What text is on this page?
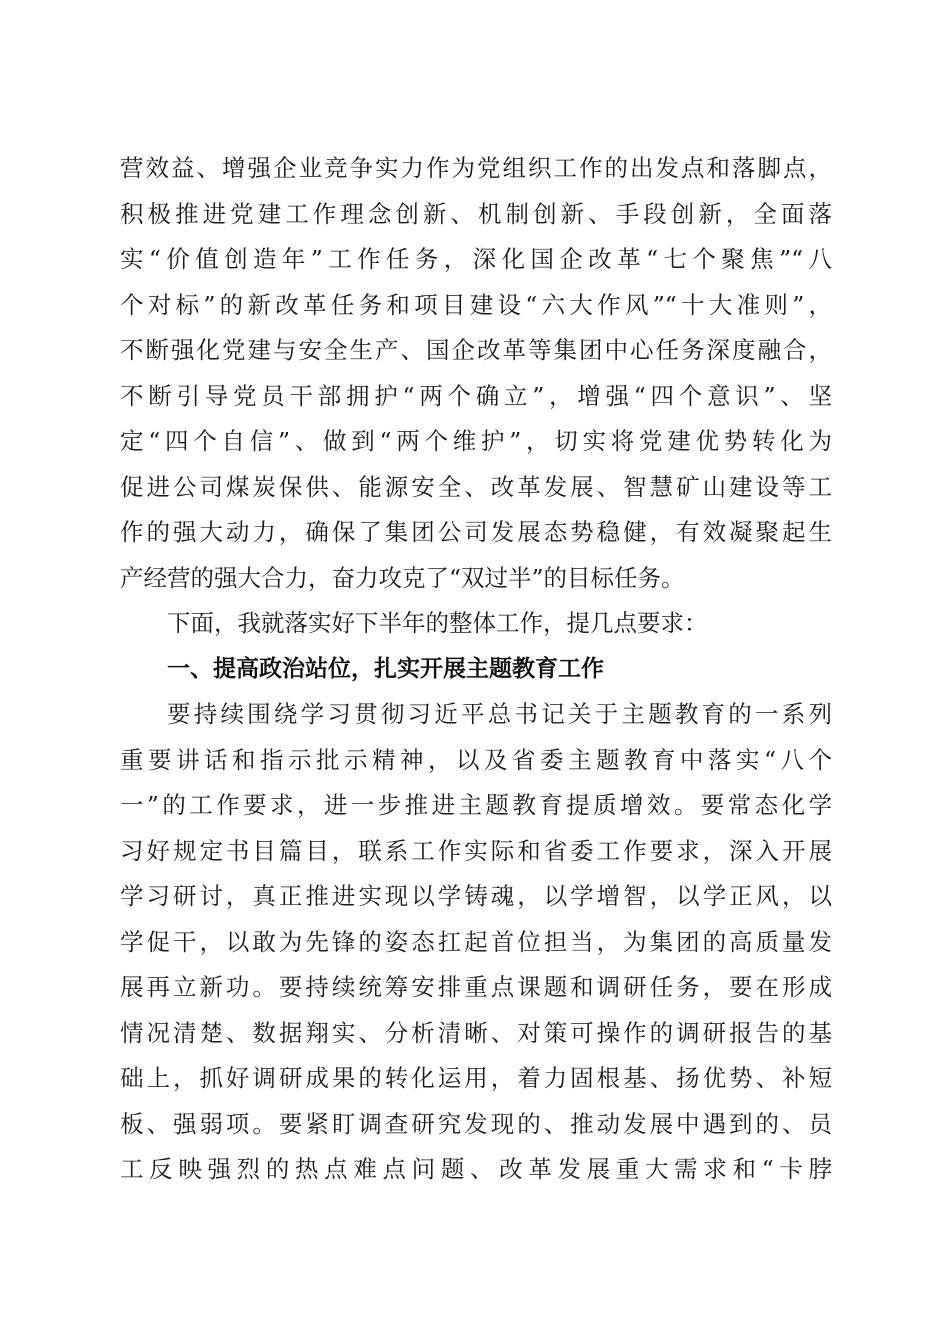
营效益、增强企业竞争实力作为党组织工作的出发点和落脚点，
积极推进党建工作理念创新、机制创新、手段创新，全面落
实“价值创造年”工作任务，深化国企改革“七个聚焦”“八
个对标”的新改革任务和项目建设“六大作风”“十大准则”，
不断强化党建与安全生产、国企改革等集团中心任务深度融合，
不断引导党员干部拥护“两个确立”，增强“四个意识”、坚
定“四个自信”、做到“两个维护”，切实将党建优势转化为
促进公司煤炭保供、能源安全、改革发展、智慧矿山建设等工
作的强大动力，确保了集团公司发展态势稳健，有效凝聚起生
产经营的强大合力，奋力攻克了“双过半”的目标任务。
下面，我就落实好下半年的整体工作，提几点要求：
一、提高政治站位，扎实开展主题教育工作
要持续围绕学习贯彻习近平总书记关于主题教育的一系列
重要讲话和指示批示精神，以及省委主题教育中落实“八个
一”的工作要求，进一步推进主题教育提质增效。要常态化学
习好规定书目篇目，联系工作实际和省委工作要求，深入开展
学习研讨，真正推进实现以学铸魂，以学增智，以学正风，以
学促干，以敢为先锋的姿态扛起首位担当，为集团的高质量发
展再立新功。要持续统筹安排重点课题和调研任务，要在形成
情况清楚、数据翔实、分析清晰、对策可操作的调研报告的基
础上，抓好调研成果的转化运用，着力固根基、扬优势、补短
板、强弱项。要紧盯调查研究发现的、推动发展中遇到的、员
工反映强烈的热点难点问题、改革发展重大需求和“卡脖
